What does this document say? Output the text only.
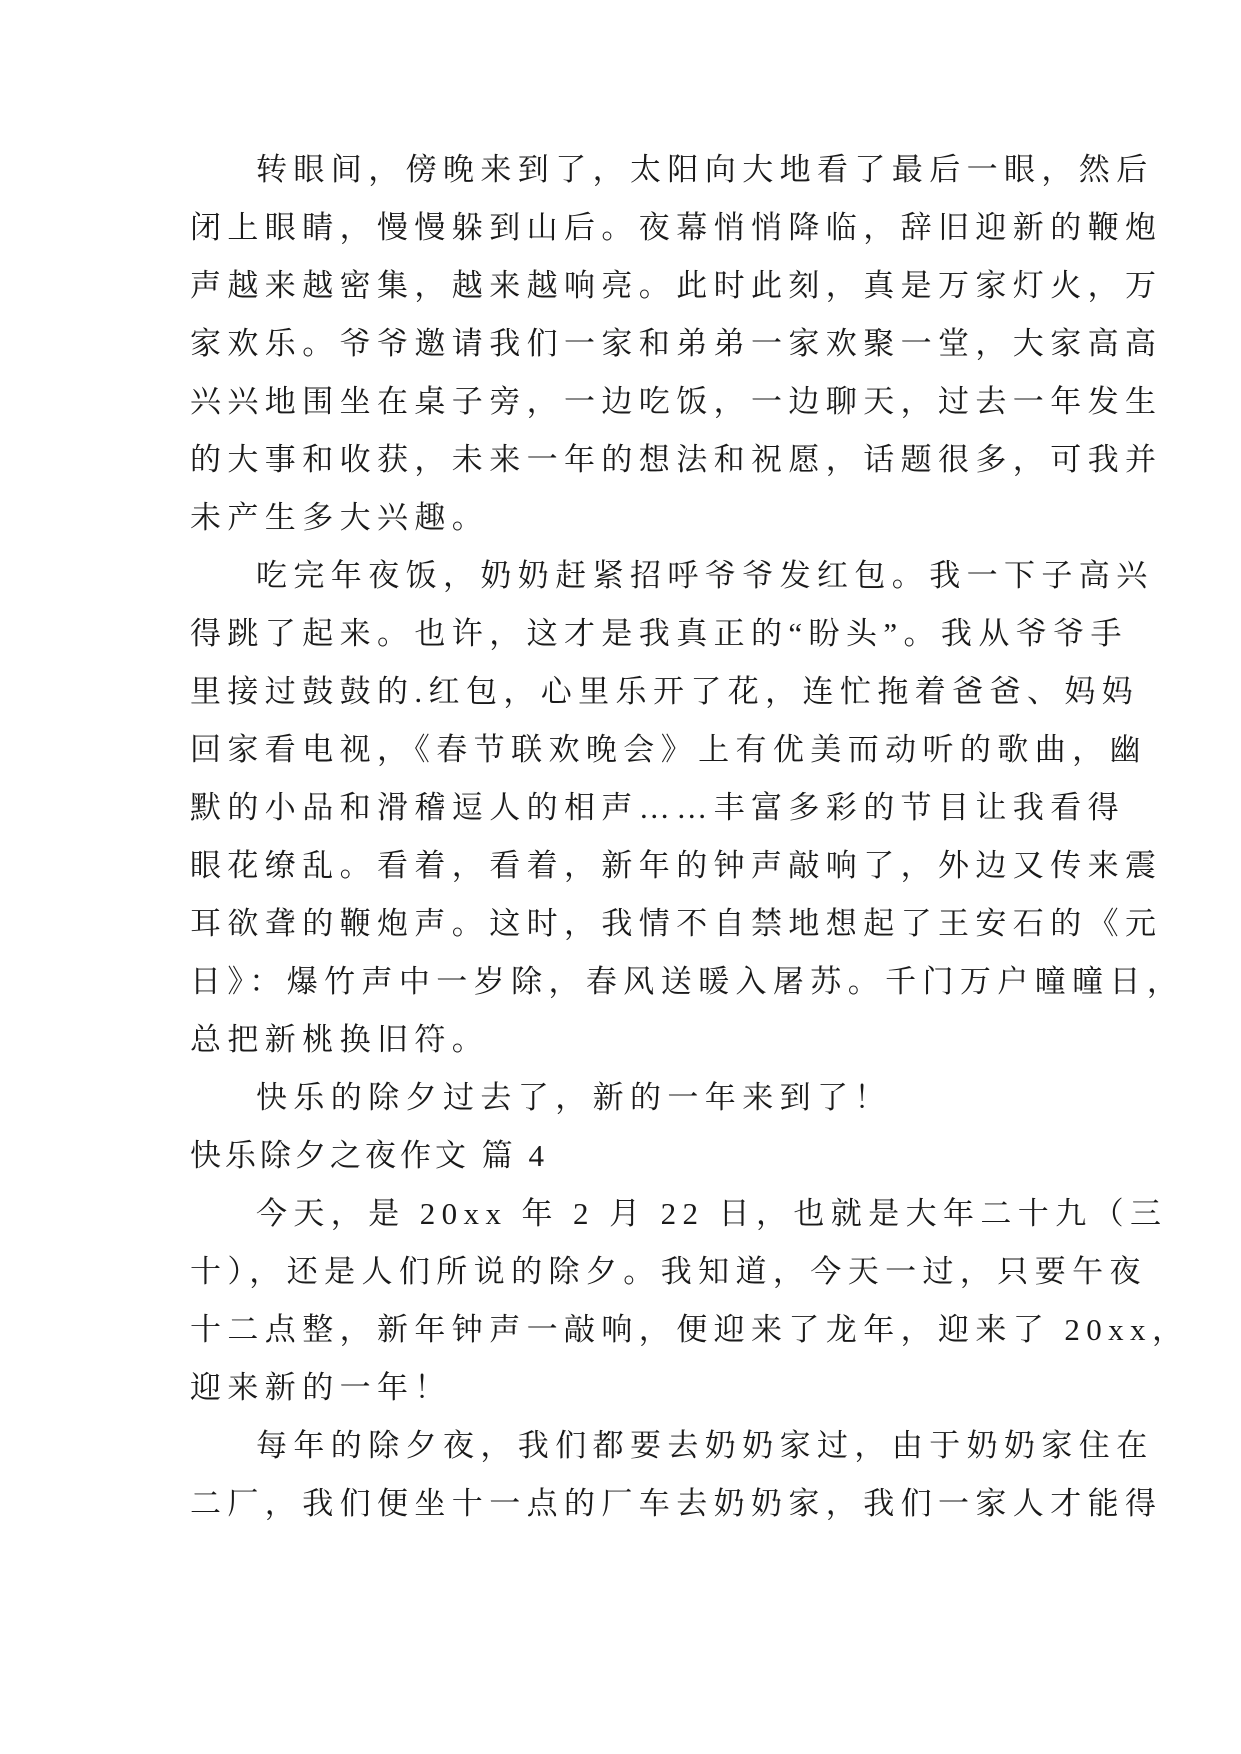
转眼间，傍晚来到了，太阳向大地看了最后一眼，然后
闭上眼睛，慢慢躲到山后。夜幕悄悄降临，辞旧迎新的鞭炮
声越来越密集，越来越响亮。此时此刻，真是万家灯火，万
家欢乐。爷爷邀请我们一家和弟弟一家欢聚一堂，大家高高
兴兴地围坐在桌子旁，一边吃饭，一边聊天，过去一年发生
的大事和收获，未来一年的想法和祝愿，话题很多，可我并
未产生多大兴趣。
吃完年夜饭，奶奶赶紧招呼爷爷发红包。我一下子高兴
得跳了起来。也许，这才是我真正的“盼头”。我从爷爷手
里接过鼓鼓的.红包，心里乐开了花，连忙拖着爸爸、妈妈
回家看电视，《春节联欢晚会》上有优美而动听的歌曲，幽
默的小品和滑稽逗人的相声……丰富多彩的节目让我看得
眼花缭乱。看着，看着，新年的钟声敲响了，外边又传来震
耳欲聋的鞭炮声。这时，我情不自禁地想起了王安石的《元
日》：爆竹声中一岁除，春风送暖入屠苏。千门万户曈曈日，
总把新桃换旧符。
快乐的除夕过去了，新的一年来到了！
快乐除夕之夜作文 篇 4
今天，是 20xx 年 2 月 22 日，也就是大年二十九（三
十），还是人们所说的除夕。我知道，今天一过，只要午夜
十二点整，新年钟声一敲响，便迎来了龙年，迎来了 20xx，
迎来新的一年！
每年的除夕夜，我们都要去奶奶家过，由于奶奶家住在
二厂，我们便坐十一点的厂车去奶奶家，我们一家人才能得
